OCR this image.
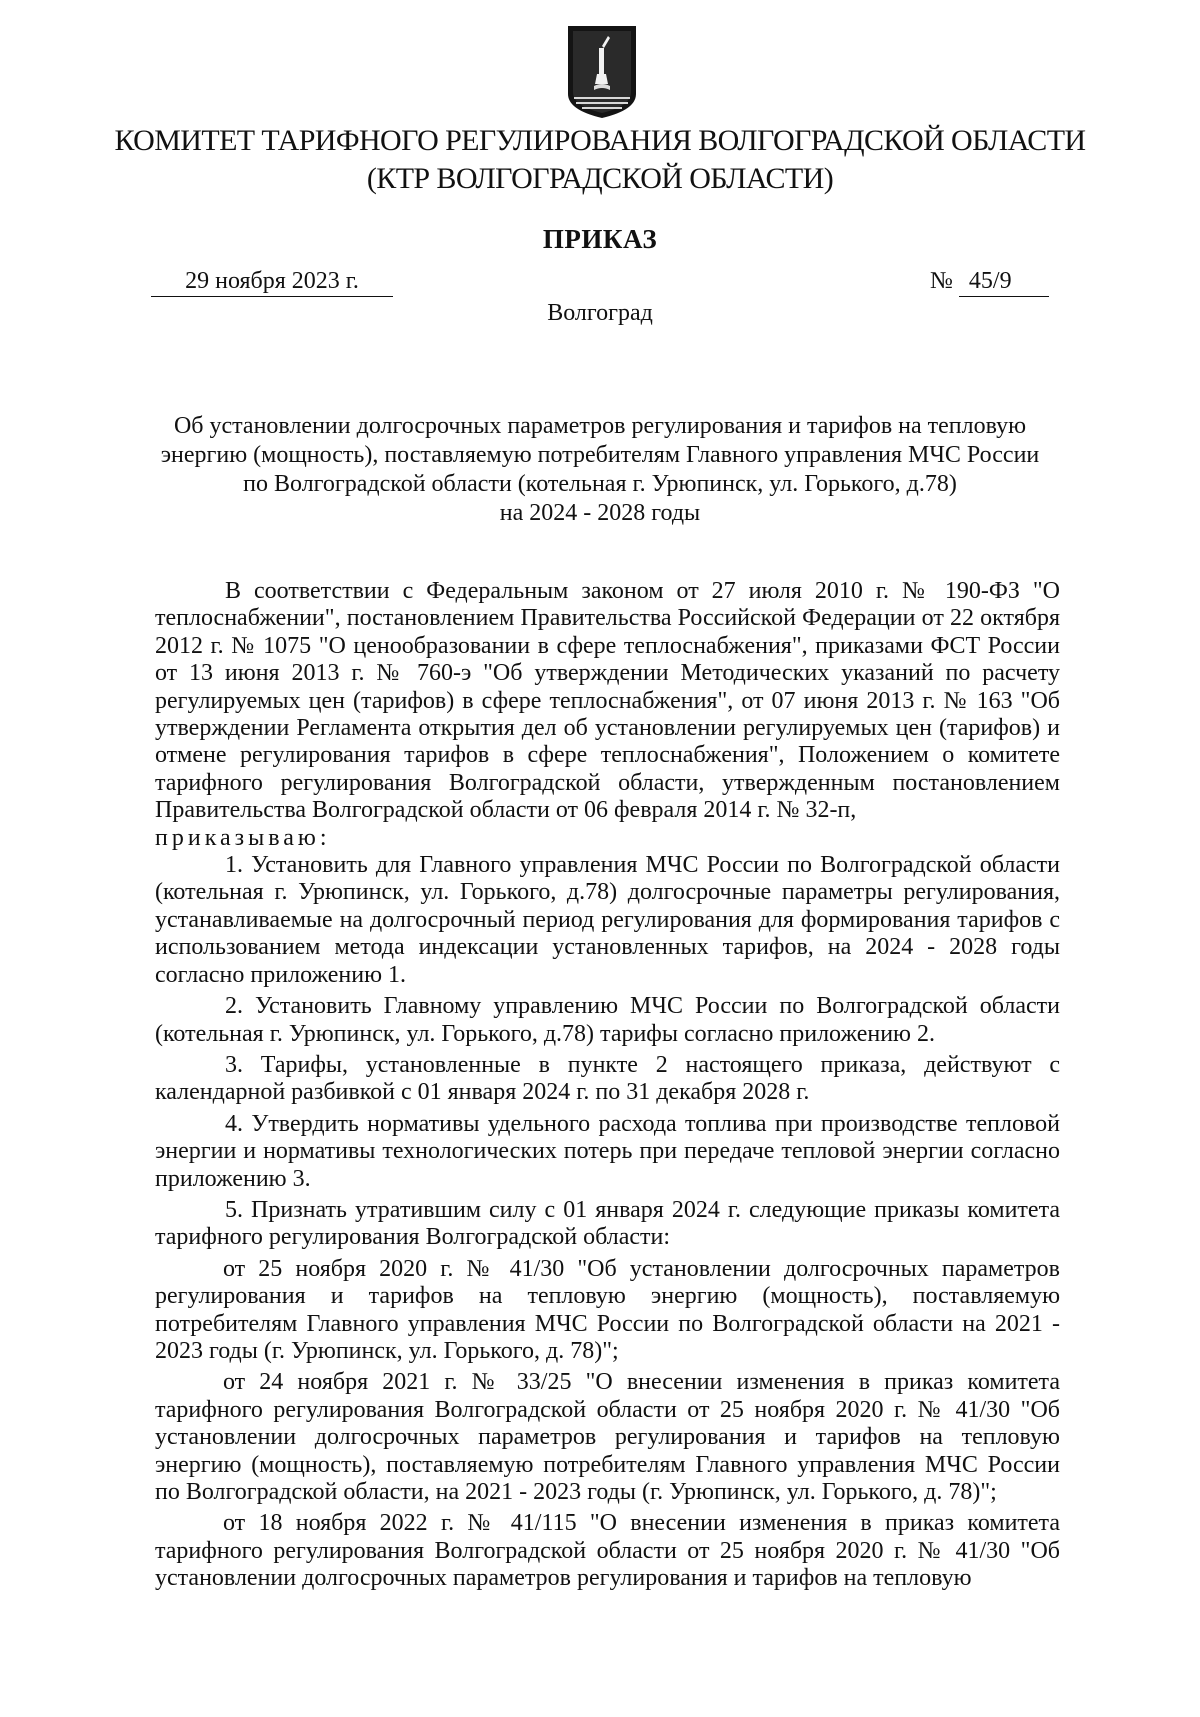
КОМИТЕТ ТАРИФНОГО РЕГУЛИРОВАНИЯ ВОЛГОГРАДСКОЙ ОБЛАСТИ
(КТР ВОЛГОГРАДСКОЙ ОБЛАСТИ)
ПРИКАЗ
29 ноября 2023 г.	№ 45/9
Волгоград
Об установлении долгосрочных параметров регулирования и тарифов на тепловую
энергию (мощность), поставляемую потребителям Главного управления МЧС России
по Волгоградской области (котельная г. Урюпинск, ул. Горького, д.78)
на 2024 - 2028 годы

В соответствии с Федеральным законом от 27 июля 2010 г. № 190-ФЗ "О теплоснабжении", постановлением Правительства Российской Федерации от 22 октября 2012 г. № 1075 "О ценообразовании в сфере теплоснабжения", приказами ФСТ России от 13 июня 2013 г. № 760-э "Об утверждении Методических указаний по расчету регулируемых цен (тарифов) в сфере теплоснабжения", от 07 июня 2013 г. № 163 "Об утверждении Регламента открытия дел об установлении регулируемых цен (тарифов) и отмене регулирования тарифов в сфере теплоснабжения", Положением о комитете тарифного регулирования Волгоградской области, утвержденным постановлением Правительства Волгоградской области от 06 февраля 2014 г. № 32-п,

приказываю:

1. Установить для Главного управления МЧС России по Волгоградской области (котельная г. Урюпинск, ул. Горького, д.78) долгосрочные параметры регулирования, устанавливаемые на долгосрочный период регулирования для формирования тарифов с использованием метода индексации установленных тарифов, на 2024 - 2028 годы согласно приложению 1.

2. Установить Главному управлению МЧС России по Волгоградской области (котельная г. Урюпинск, ул. Горького, д.78) тарифы согласно приложению 2.

3. Тарифы, установленные в пункте 2 настоящего приказа, действуют с календарной разбивкой с 01 января 2024 г. по 31 декабря 2028 г.

4. Утвердить нормативы удельного расхода топлива при производстве тепловой энергии и нормативы технологических потерь при передаче тепловой энергии согласно приложению 3.

5. Признать утратившим силу с 01 января 2024 г. следующие приказы комитета тарифного регулирования Волгоградской области:

от 25 ноября 2020 г. № 41/30 "Об установлении долгосрочных параметров регулирования и тарифов на тепловую энергию (мощность), поставляемую потребителям Главного управления МЧС России по Волгоградской области на 2021 - 2023 годы (г. Урюпинск, ул. Горького, д. 78)";

от 24 ноября 2021 г. № 33/25 "О внесении изменения в приказ комитета тарифного регулирования Волгоградской области от 25 ноября 2020 г. № 41/30 "Об установлении долгосрочных параметров регулирования и тарифов на тепловую энергию (мощность), поставляемую потребителям Главного управления МЧС России по Волгоградской области, на 2021 - 2023 годы (г. Урюпинск, ул. Горького, д. 78)";

от 18 ноября 2022 г. № 41/115 "О внесении изменения в приказ комитета тарифного регулирования Волгоградской области от 25 ноября 2020 г. № 41/30 "Об установлении долгосрочных параметров регулирования и тарифов на тепловую
